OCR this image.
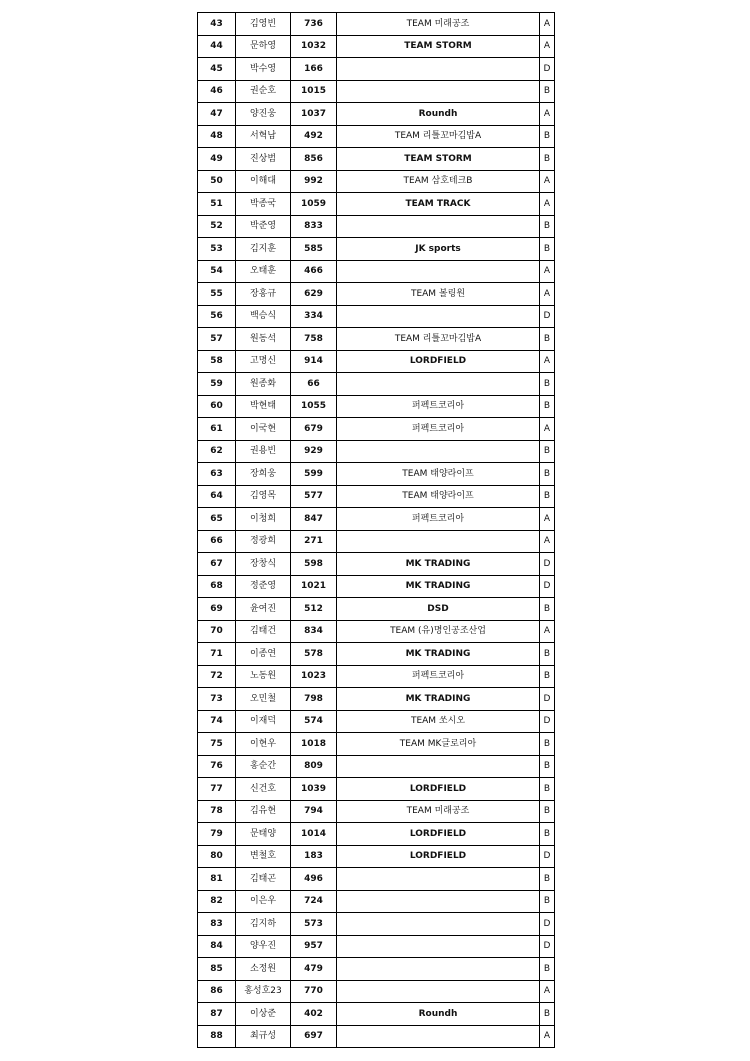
43	김영빈	736	TEAM 미래공조	A
44	문하영	1032	TEAM STORM	A
45	박수영	166		D
46	권순호	1015		B
47	양진웅	1037	Roundh	A
48	서혁남	492	TEAM 리틀꼬마김밥A	B
49	진상범	856	TEAM STORM	B
50	이해대	992	TEAM 삼호테크B	A
51	박종국	1059	TEAM TRACK	A
52	박준영	833		B
53	김지훈	585	JK sports	B
54	오태훈	466		A
55	장홍규	629	TEAM 볼링원	A
56	백승식	334		D
57	원동석	758	TEAM 리틀꼬마김밥A	B
58	고명신	914	LORDFIELD	A
59	원종화	66		B
60	박현태	1055	퍼펙트코리아	B
61	이국현	679	퍼펙트코리아	A
62	권용빈	929		B
63	장희웅	599	TEAM 태양라이프	B
64	김영목	577	TEAM 태양라이프	B
65	이청희	847	퍼펙트코리아	A
66	정광희	271		A
67	장창식	598	MK TRADING	D
68	정준영	1021	MK TRADING	D
69	윤여진	512	DSD	B
70	김태건	834	TEAM (유)명인공조산업	A
71	이종연	578	MK TRADING	B
72	노동원	1023	퍼펙트코리아	B
73	오민철	798	MK TRADING	D
74	이재덕	574	TEAM 쏘시오	D
75	이현우	1018	TEAM MK글로리아	B
76	홍순간	809		B
77	신건호	1039	LORDFIELD	B
78	김유현	794	TEAM 미래공조	B
79	문태양	1014	LORDFIELD	B
80	변철호	183	LORDFIELD	D
81	김태곤	496		B
82	이은우	724		B
83	김지하	573		D
84	양우진	957		D
85	소정원	479		B
86	홍성호23	770		A
87	이상준	402	Roundh	B
88	최규성	697		A
